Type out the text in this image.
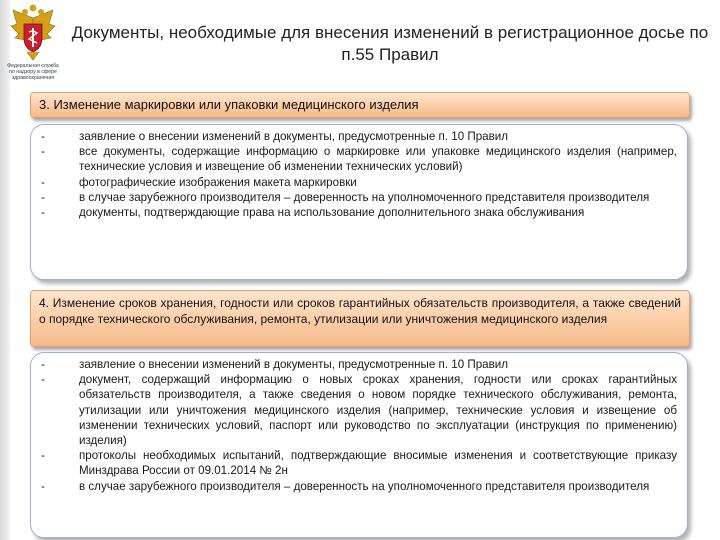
Федеральная служба по надзору в сфере здравоохранения
Документы, необходимые для внесения изменений в регистрационное досье по п.55 Правил
3. Изменение маркировки или упаковки медицинского изделия
-	заявление о внесении изменений в документы, предусмотренные п. 10 Правил
-	все документы, содержащие информацию о маркировке или упаковке медицинского изделия (например, технические условия и извещение об изменении технических условий)
-	фотографические изображения макета маркировки
-	в случае зарубежного производителя – доверенность на уполномоченного представителя производителя
-	документы, подтверждающие права на использование дополнительного знака обслуживания
4. Изменение сроков хранения, годности или сроков гарантийных обязательств производителя, а также сведений о порядке технического обслуживания, ремонта, утилизации или уничтожения медицинского изделия
-	заявление о внесении изменений в документы, предусмотренные п. 10 Правил
-	документ, содержащий информацию о новых сроках хранения, годности или сроках гарантийных обязательств производителя, а также сведения о новом порядке технического обслуживания, ремонта, утилизации или уничтожения медицинского изделия (например, технические условия и извещение об изменении технических условий, паспорт или руководство по эксплуатации (инструкция по применению) изделия)
-	протоколы необходимых испытаний, подтверждающие вносимые изменения и соответствующие приказу Минздрава России от 09.01.2014 № 2н
-	в случае зарубежного производителя – доверенность на уполномоченного представителя производителя
